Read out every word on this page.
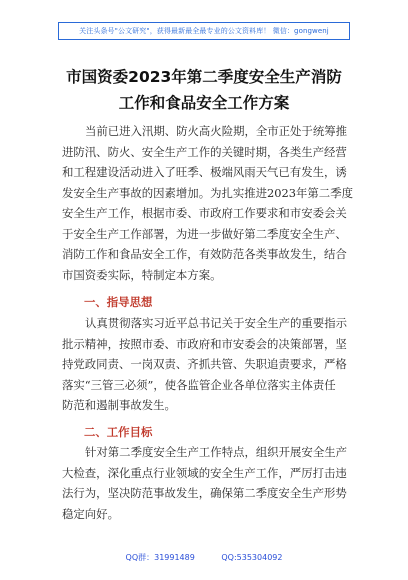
关注头条号"公文研究"，获得最新最全最专业的公文资料库！ 微信：gongwenj
市国资委2023年第二季度安全生产消防
工作和食品安全工作方案
当前已进入汛期、防火高火险期，全市正处于统筹推
进防汛、防火、安全生产工作的关键时期，各类生产经营
和工程建设活动进入了旺季、极端风雨天气已有发生，诱
发安全生产事故的因素增加。为扎实推进2023年第二季度
安全生产工作，根据市委、市政府工作要求和市安委会关
于安全生产工作部署，为进一步做好第二季度安全生产、
消防工作和食品安全工作，有效防范各类事故发生，结合
市国资委实际，特制定本方案。
一、指导思想
认真贯彻落实习近平总书记关于安全生产的重要指示
批示精神，按照市委、市政府和市安委会的决策部署，坚
持党政同责、一岗双责、齐抓共管、失职追责要求，严格
落实“三管三必须”，使各监管企业各单位落实主体责任
防范和遏制事故发生。
二、工作目标
针对第二季度安全生产工作特点，组织开展安全生产
大检查，深化重点行业领域的安全生产工作，严厉打击违
法行为，坚决防范事故发生，确保第二季度安全生产形势
稳定向好。
QQ群：31991489	QQ:535304092
